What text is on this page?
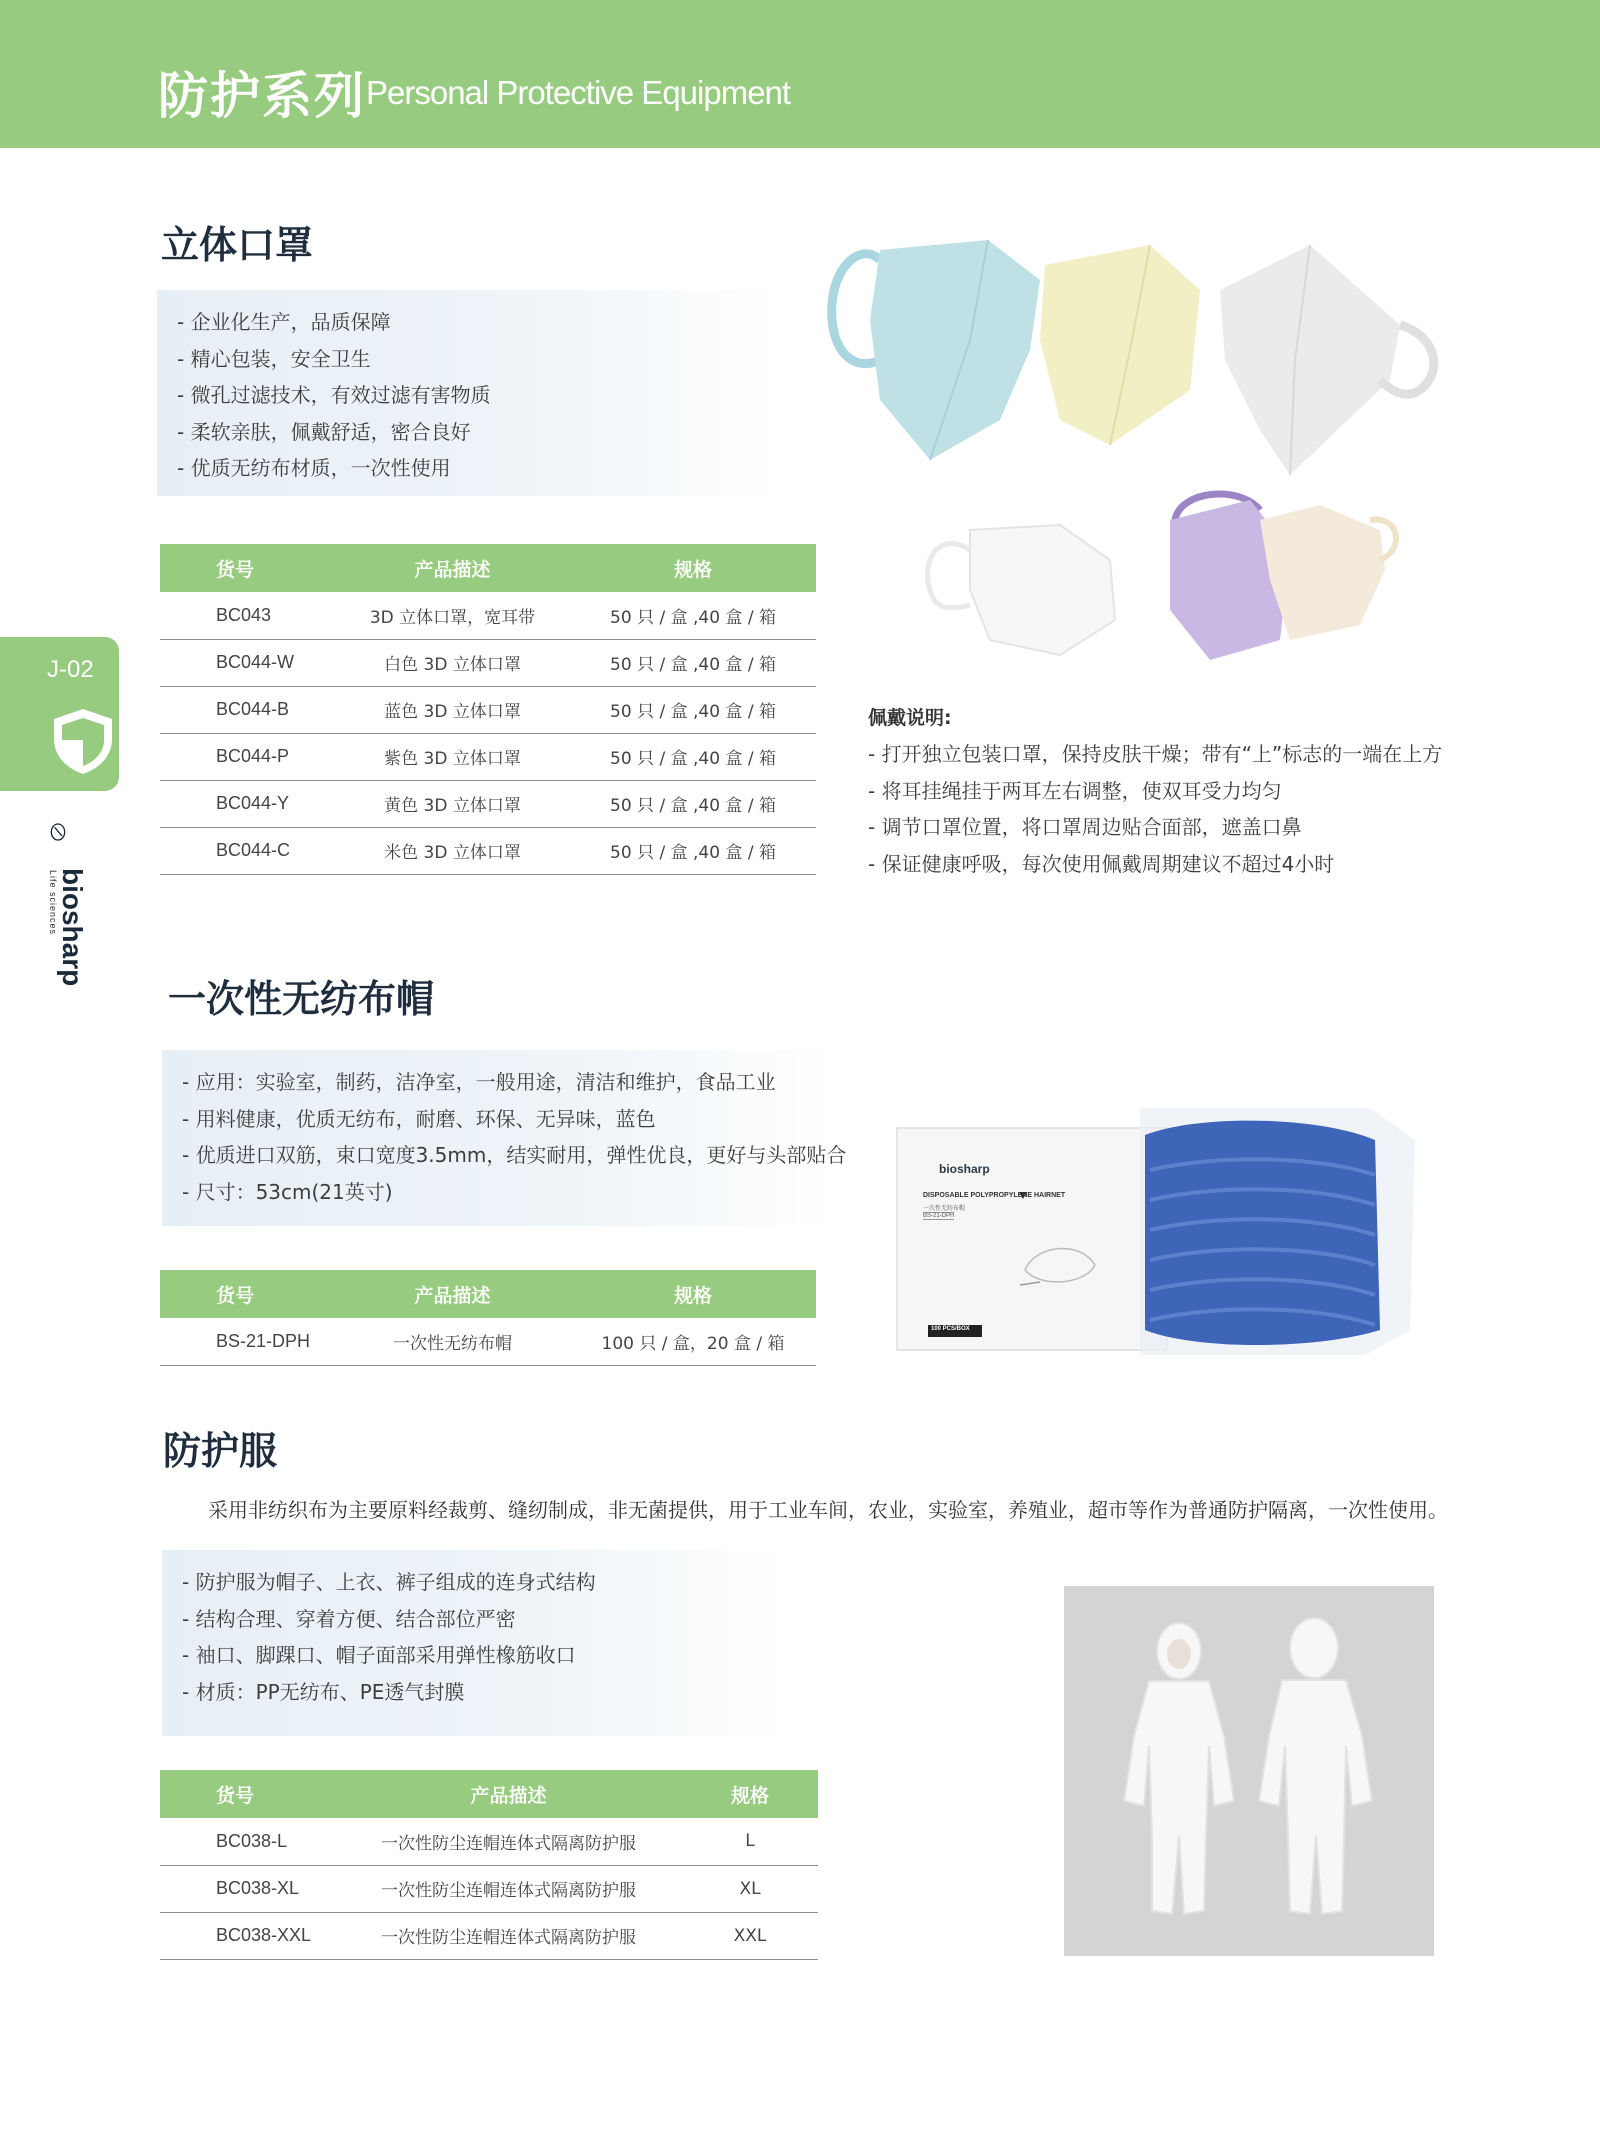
防护系列 Personal Protective Equipment
J-02
biosharp
Life sciences
立体口罩
- 企业化生产，品质保障
- 精心包装，安全卫生
- 微孔过滤技术，有效过滤有害物质
- 柔软亲肤，佩戴舒适，密合良好
- 优质无纺布材质，一次性使用
货号	产品描述	规格
BC043	3D 立体口罩，宽耳带	50 只 / 盒 ,40 盒 / 箱
BC044-W	白色 3D 立体口罩	50 只 / 盒 ,40 盒 / 箱
BC044-B	蓝色 3D 立体口罩	50 只 / 盒 ,40 盒 / 箱
BC044-P	紫色 3D 立体口罩	50 只 / 盒 ,40 盒 / 箱
BC044-Y	黄色 3D 立体口罩	50 只 / 盒 ,40 盒 / 箱
BC044-C	米色 3D 立体口罩	50 只 / 盒 ,40 盒 / 箱
佩戴说明:
- 打开独立包装口罩，保持皮肤干燥；带有“上”标志的一端在上方
- 将耳挂绳挂于两耳左右调整，使双耳受力均匀
- 调节口罩位置，将口罩周边贴合面部，遮盖口鼻
- 保证健康呼吸，每次使用佩戴周期建议不超过4小时
一次性无纺布帽
- 应用：实验室，制药，洁净室，一般用途，清洁和维护，食品工业
- 用料健康，优质无纺布，耐磨、环保、无异味，蓝色
- 优质进口双筋，束口宽度3.5mm，结实耐用，弹性优良，更好与头部贴合
- 尺寸：53cm(21英寸)
货号	产品描述	规格
BS-21-DPH	一次性无纺布帽	100 只 / 盒，20 盒 / 箱
biosharp
DISPOSABLE POLYPROPYLENE HAIRNET
一次性无纺布帽
BS-21-DPH
100 PCS/BOX
防护服
采用非纺织布为主要原料经裁剪、缝纫制成，非无菌提供，用于工业车间，农业，实验室，养殖业，超市等作为普通防护隔离，一次性使用。
- 防护服为帽子、上衣、裤子组成的连身式结构
- 结构合理、穿着方便、结合部位严密
- 袖口、脚踝口、帽子面部采用弹性橡筋收口
- 材质：PP无纺布、PE透气封膜
货号	产品描述	规格
BC038-L	一次性防尘连帽连体式隔离防护服	L
BC038-XL	一次性防尘连帽连体式隔离防护服	XL
BC038-XXL	一次性防尘连帽连体式隔离防护服	XXL
